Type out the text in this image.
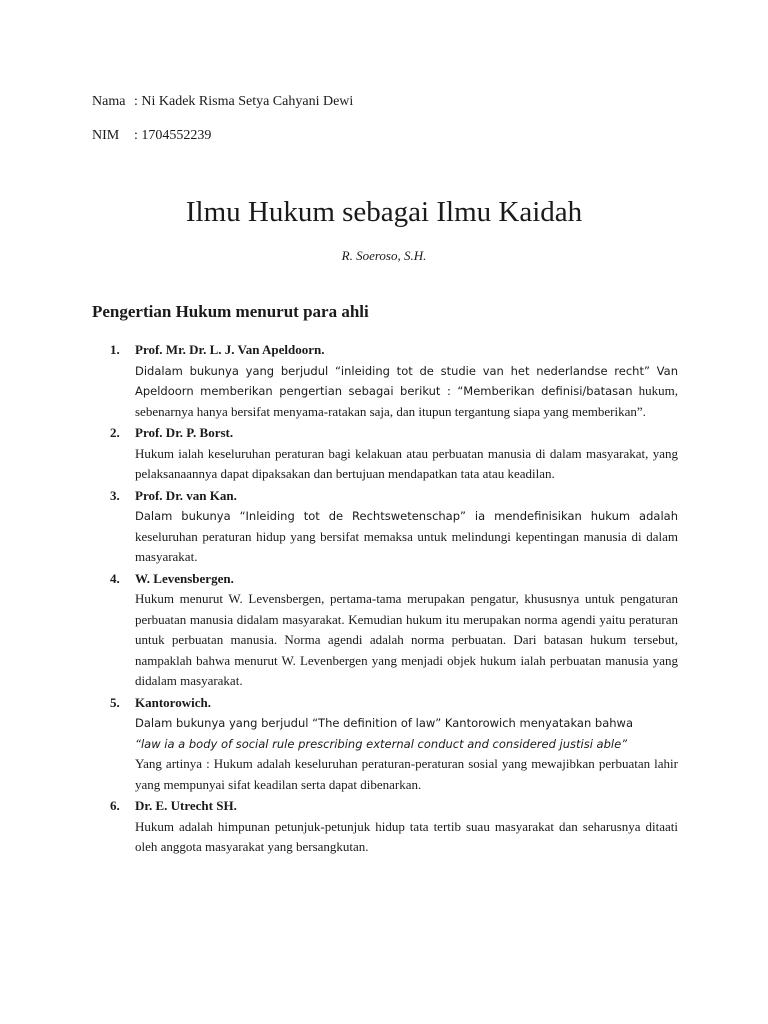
Nama : Ni Kadek Risma Setya Cahyani Dewi
NIM : 1704552239
Ilmu Hukum sebagai Ilmu Kaidah
R. Soeroso, S.H.
Pengertian Hukum menurut para ahli
1. Prof. Mr. Dr. L. J. Van Apeldoorn.

Didalam bukunya yang berjudul “inleiding tot de studie van het nederlandse recht” Van Apeldoorn memberikan pengertian sebagai berikut : “Memberikan definisi/batasan hukum, sebenarnya hanya bersifat menyama-ratakan saja, dan itupun tergantung siapa yang memberikan”.

2. Prof. Dr. P. Borst.

Hukum ialah keseluruhan peraturan bagi kelakuan atau perbuatan manusia di dalam masyarakat, yang pelaksanaannya dapat dipaksakan dan bertujuan mendapatkan tata atau keadilan.

3. Prof. Dr. van Kan.

Dalam bukunya “Inleiding tot de Rechtswetenschap” ia mendefinisikan hukum adalah keseluruhan peraturan hidup yang bersifat memaksa untuk melindungi kepentingan manusia di dalam masyarakat.

4. W. Levensbergen.

Hukum menurut W. Levensbergen, pertama-tama merupakan pengatur, khususnya untuk pengaturan perbuatan manusia didalam masyarakat. Kemudian hukum itu merupakan norma agendi yaitu peraturan untuk perbuatan manusia. Norma agendi adalah norma perbuatan. Dari batasan hukum tersebut, nampaklah bahwa menurut W. Levenbergen yang menjadi objek hukum ialah perbuatan manusia yang didalam masyarakat.

5. Kantorowich.

Dalam bukunya yang berjudul “The definition of law” Kantorowich menyatakan bahwa
“law ia a body of social rule prescribing external conduct and considered justisi able”
Yang artinya : Hukum adalah keseluruhan peraturan-peraturan sosial yang mewajibkan perbuatan lahir yang mempunyai sifat keadilan serta dapat dibenarkan.

6. Dr. E. Utrecht SH.

Hukum adalah himpunan petunjuk-petunjuk hidup tata tertib suau masyarakat dan seharusnya ditaati oleh anggota masyarakat yang bersangkutan.
